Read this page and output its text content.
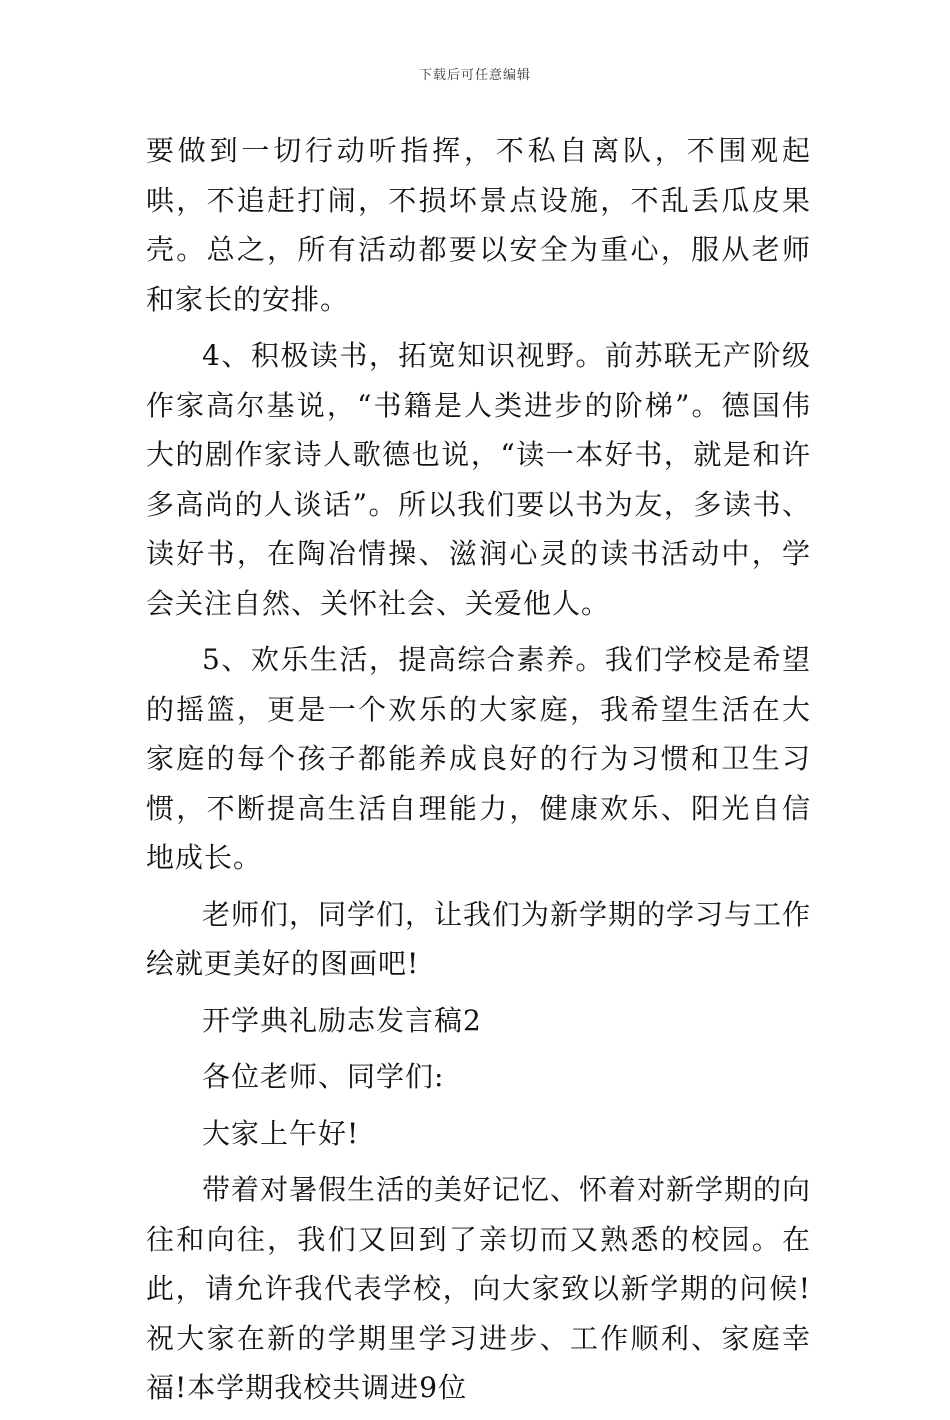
下载后可任意编辑

要做到一切行动听指挥，不私自离队，不围观起哄，不追赶打闹，不损坏景点设施，不乱丢瓜皮果壳。总之，所有活动都要以安全为重心，服从老师和家长的安排。

4、积极读书，拓宽知识视野。前苏联无产阶级作家高尔基说，“书籍是人类进步的阶梯”。德国伟大的剧作家诗人歌德也说，“读一本好书，就是和许多高尚的人谈话”。所以我们要以书为友，多读书、读好书，在陶冶情操、滋润心灵的读书活动中，学会关注自然、关怀社会、关爱他人。

5、欢乐生活，提高综合素养。我们学校是希望的摇篮，更是一个欢乐的大家庭，我希望生活在大家庭的每个孩子都能养成良好的行为习惯和卫生习惯，不断提高生活自理能力，健康欢乐、阳光自信地成长。

老师们，同学们，让我们为新学期的学习与工作绘就更美好的图画吧!

开学典礼励志发言稿2

各位老师、同学们:

大家上午好!

带着对暑假生活的美好记忆、怀着对新学期的向往和向往，我们又回到了亲切而又熟悉的校园。在此，请允许我代表学校，向大家致以新学期的问候!祝大家在新的学期里学习进步、工作顺利、家庭幸福!本学期我校共调进9位
